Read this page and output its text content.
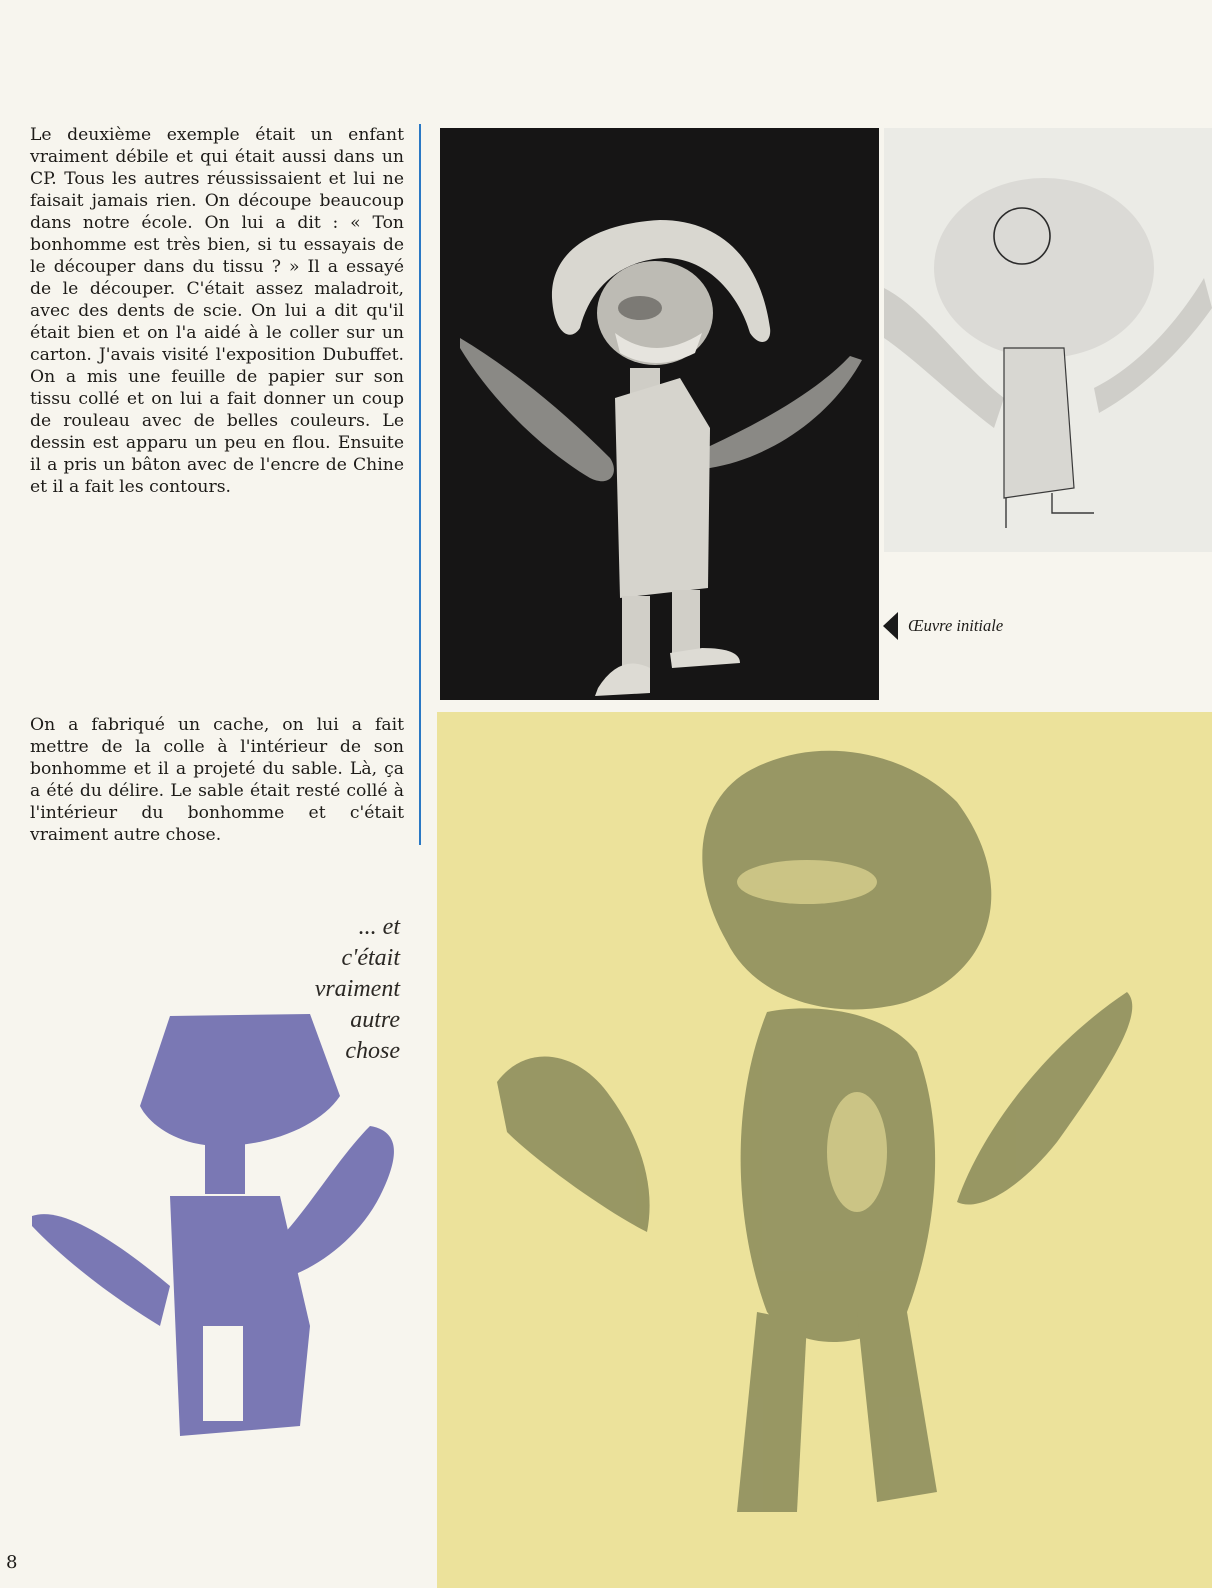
Le deuxième exemple était un enfant vraiment débile et qui était aussi dans un CP. Tous les autres réussissaient et lui ne faisait jamais rien. On découpe beaucoup dans notre école. On lui a dit : « Ton bonhomme est très bien, si tu essayais de le découper dans du tissu ? » Il a essayé de le découper. C'était assez maladroit, avec des dents de scie. On lui a dit qu'il était bien et on l'a aidé à le coller sur un carton. J'avais visité l'exposition Dubuffet. On a mis une feuille de papier sur son tissu collé et on lui a fait donner un coup de rouleau avec de belles couleurs. Le dessin est apparu un peu en flou. Ensuite il a pris un bâton avec de l'encre de Chine et il a fait les contours.

On a fabriqué un cache, on lui a fait mettre de la colle à l'intérieur de son bonhomme et il a projeté du sable. Là, ça a été du délire. Le sable était resté collé à l'intérieur du bonhomme et c'était vraiment autre chose.

... et
c'était
vraiment
autre
chose
Œuvre initiale
8
